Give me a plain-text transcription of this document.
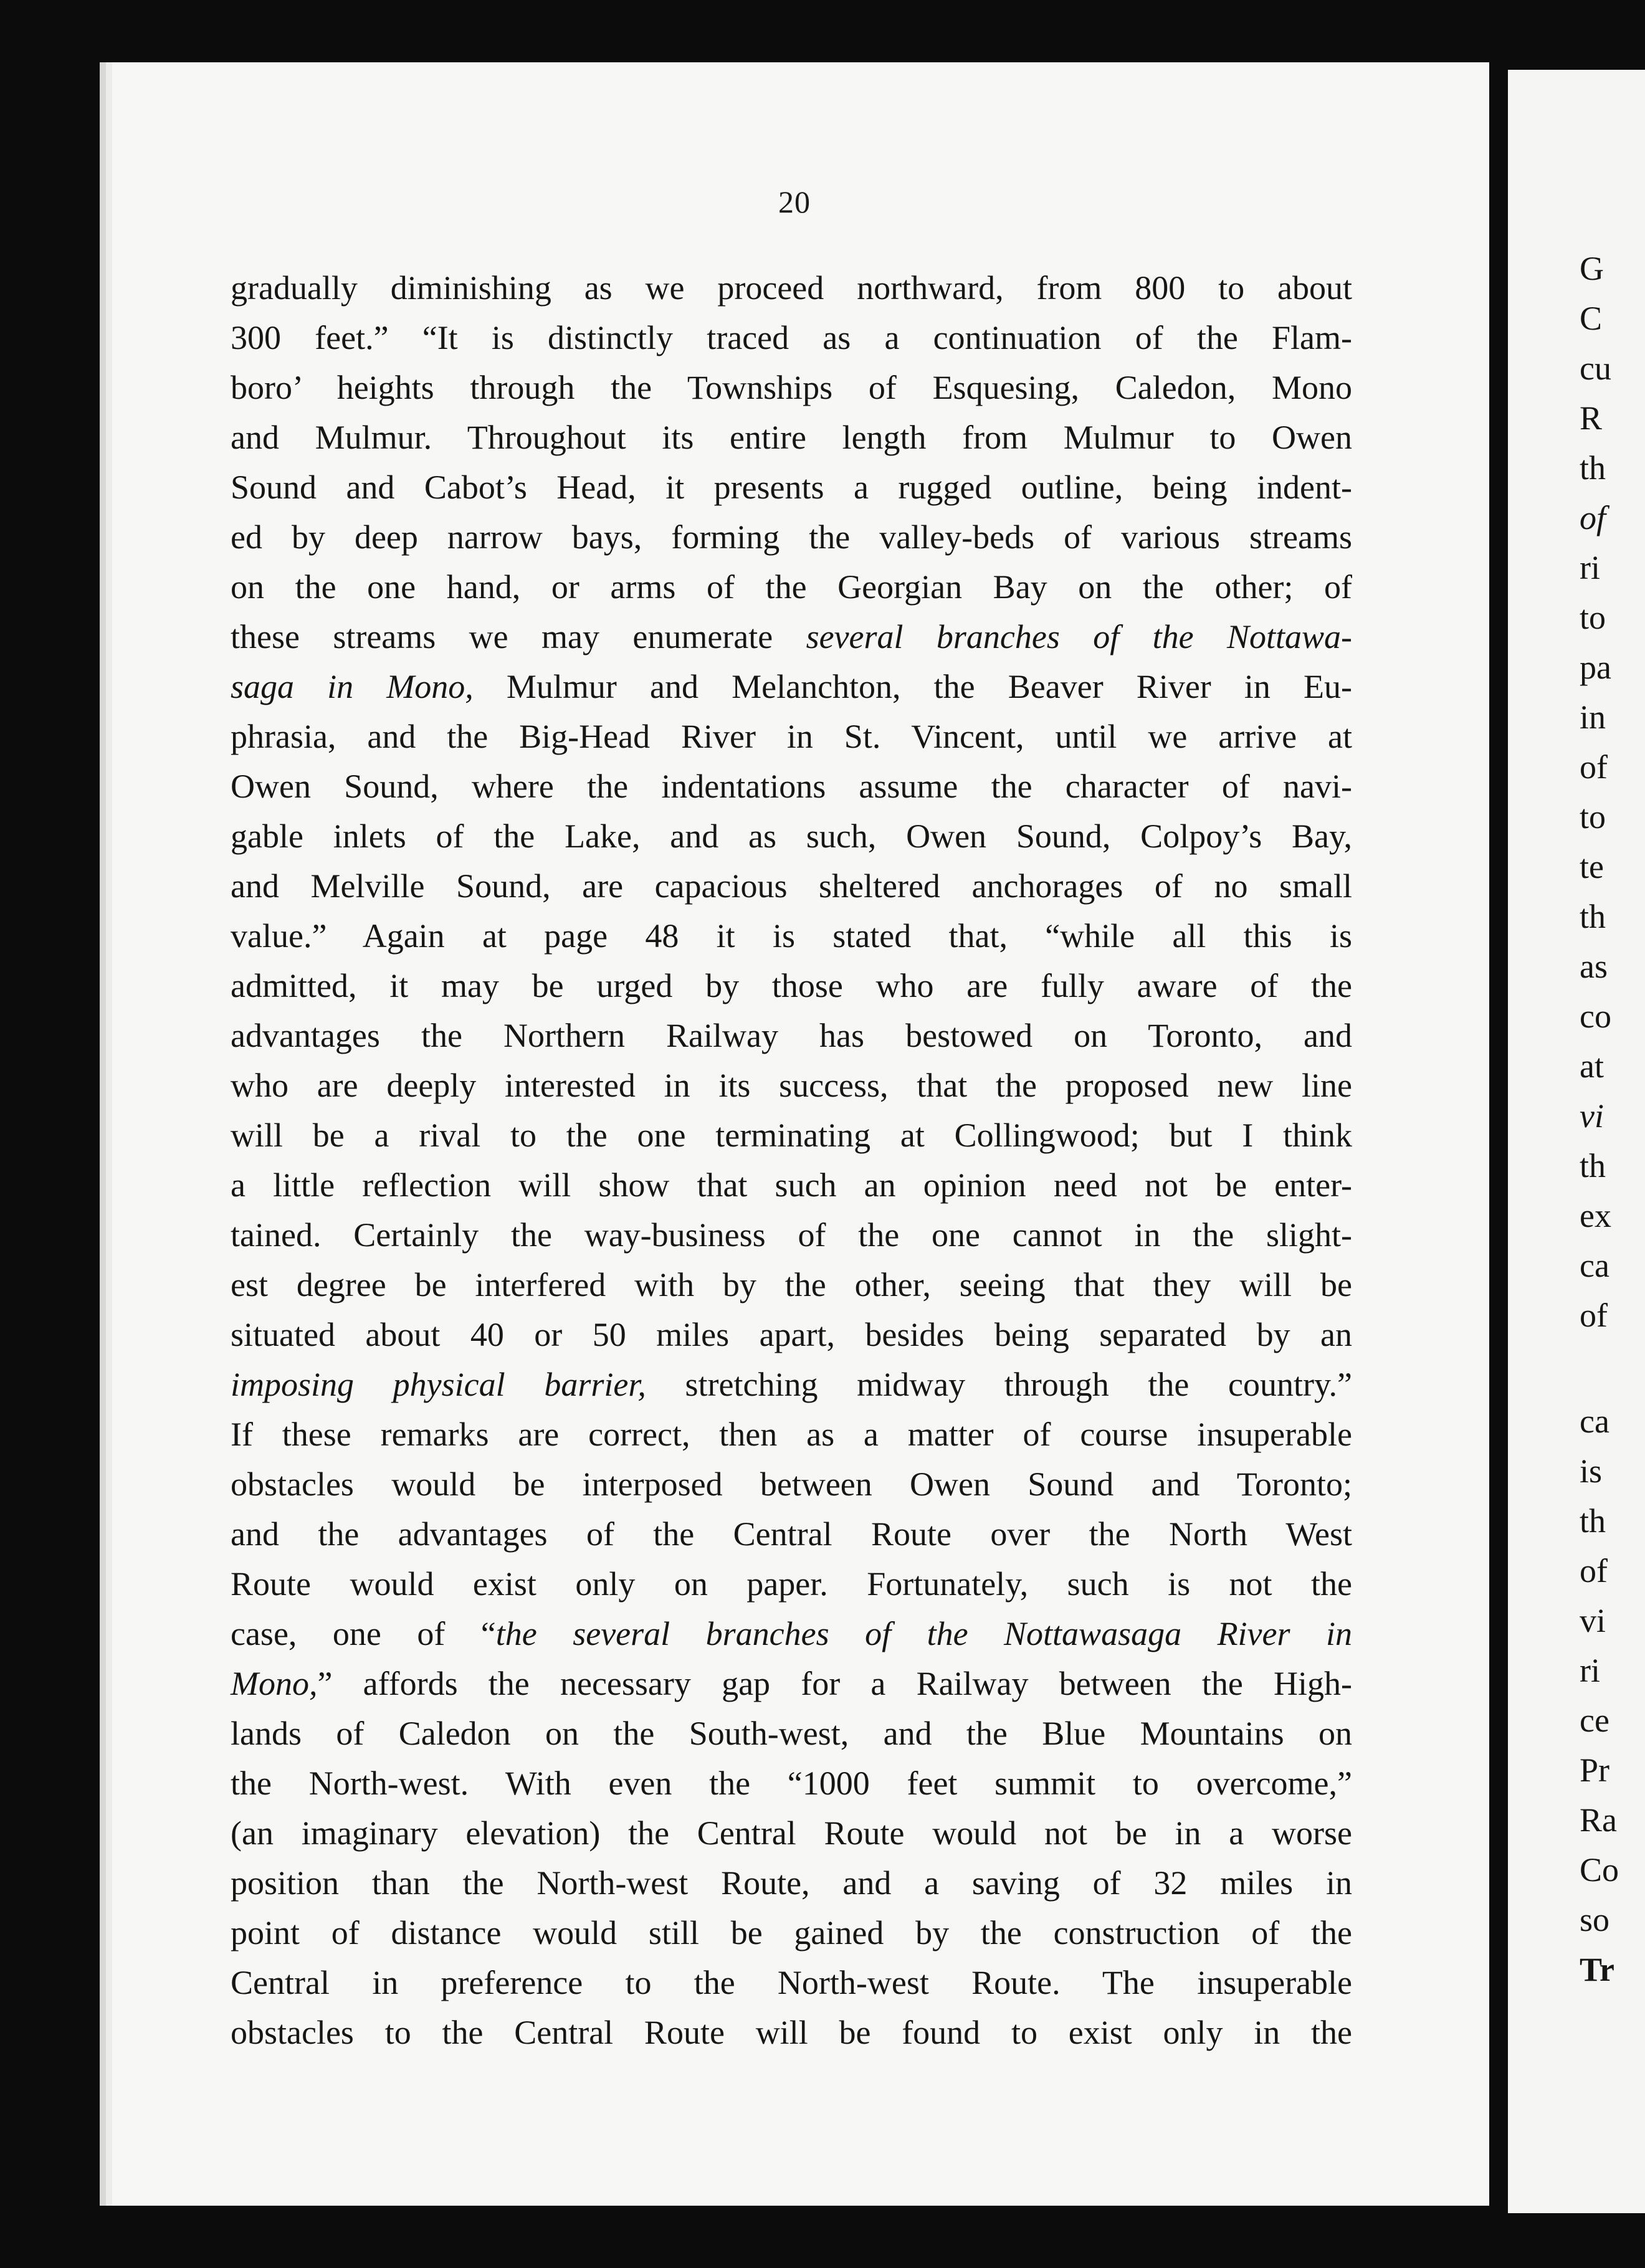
20
gradually diminishing as we proceed northward, from 800 to about
300 feet.” “It is distinctly traced as a continuation of the Flam-
boro’ heights through the Townships of Esquesing, Caledon, Mono
and Mulmur. Throughout its entire length from Mulmur to Owen
Sound and Cabot’s Head, it presents a rugged outline, being indent-
ed by deep narrow bays, forming the valley-beds of various streams
on the one hand, or arms of the Georgian Bay on the other; of
these streams we may enumerate several branches of the Nottawa-
saga in Mono, Mulmur and Melanchton, the Beaver River in Eu-
phrasia, and the Big-Head River in St. Vincent, until we arrive at
Owen Sound, where the indentations assume the character of navi-
gable inlets of the Lake, and as such, Owen Sound, Colpoy’s Bay,
and Melville Sound, are capacious sheltered anchorages of no small
value.” Again at page 48 it is stated that, “while all this is
admitted, it may be urged by those who are fully aware of the
advantages the Northern Railway has bestowed on Toronto, and
who are deeply interested in its success, that the proposed new line
will be a rival to the one terminating at Collingwood; but I think
a little reflection will show that such an opinion need not be enter-
tained. Certainly the way-business of the one cannot in the slight-
est degree be interfered with by the other, seeing that they will be
situated about 40 or 50 miles apart, besides being separated by an
imposing physical barrier, stretching midway through the country.”
If these remarks are correct, then as a matter of course insuperable
obstacles would be interposed between Owen Sound and Toronto;
and the advantages of the Central Route over the North West
Route would exist only on paper. Fortunately, such is not the
case, one of “the several branches of the Nottawasaga River in
Mono,” affords the necessary gap for a Railway between the High-
lands of Caledon on the South-west, and the Blue Mountains on
the North-west. With even the “1000 feet summit to overcome,”
(an imaginary elevation) the Central Route would not be in a worse
position than the North-west Route, and a saving of 32 miles in
point of distance would still be gained by the construction of the
Central in preference to the North-west Route. The insuperable
obstacles to the Central Route will be found to exist only in the
G
C
cu
R
th
of
ri
to
pa
in
of
to
te
th
as
co
at
vi
th
ex
ca
of
ca
is
th
of
vi
ri
ce
Pr
Ra
Co
so
Tr
